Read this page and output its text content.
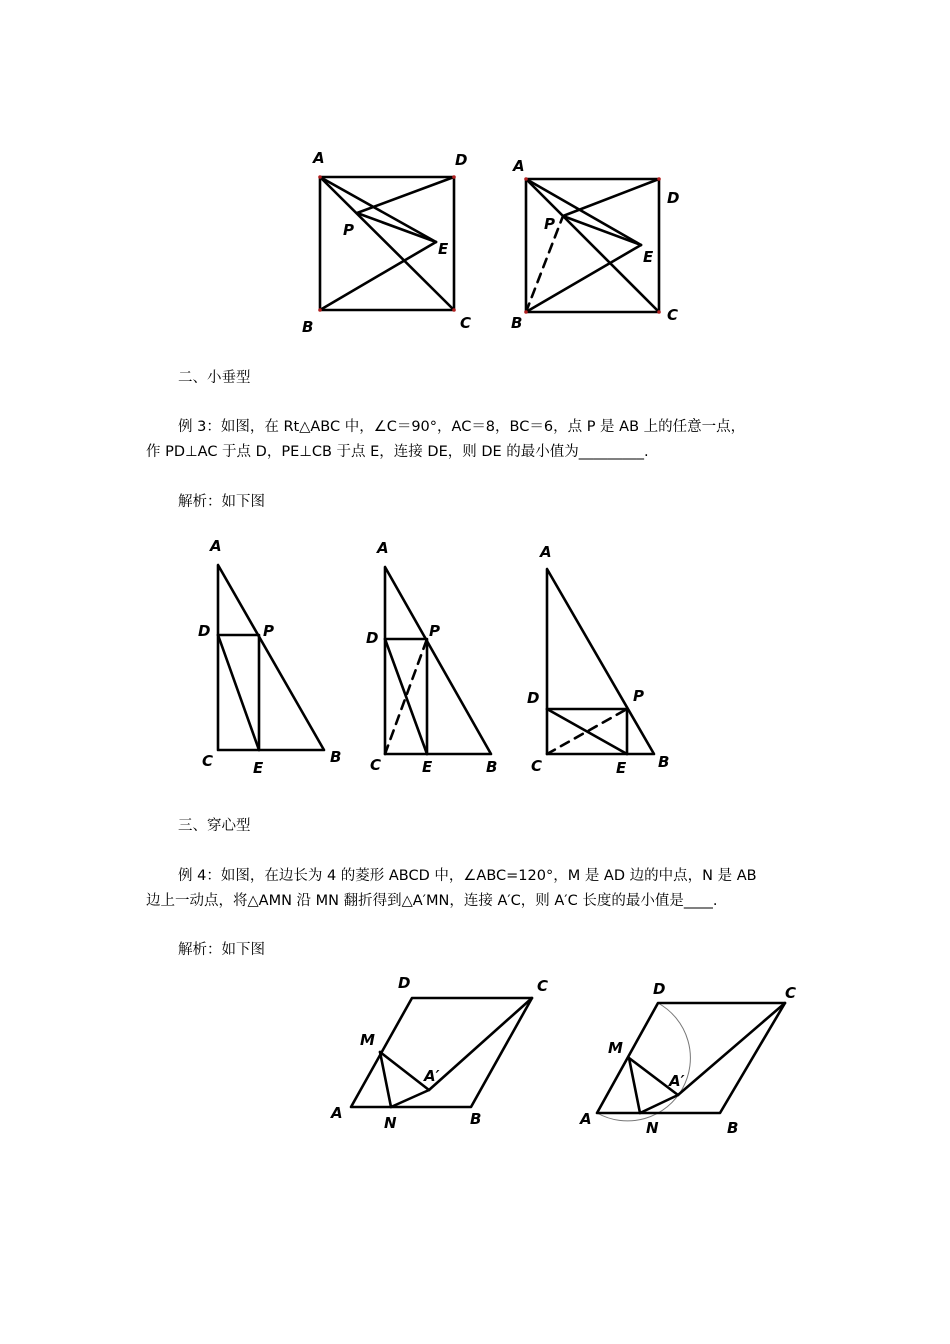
A	D
P
E
B	C
A
D
P
E
B	C
二、小垂型
例 3：如图，在 Rt△ABC 中，∠C＝90°，AC＝8，BC＝6，点 P 是 AB 上的任意一点，
作 PD⊥AC 于点 D，PE⊥CB 于点 E，连接 DE，则 DE 的最小值为_________.
解析：如下图
A
D	P
C	E
B
A
D	P
C	E	B
A
D	P
C	E B
三、穿心型
例 4：如图，在边长为 4 的菱形 ABCD 中，∠ABC=120°，M 是 AD 边的中点，N 是 AB
边上一动点，将△AMN 沿 MN 翻折得到△A′MN，连接 A′C，则 A′C 长度的最小值是____.
解析：如下图
D	C
M
A′
A
N	B
D	C
M
A′
A	N	B
